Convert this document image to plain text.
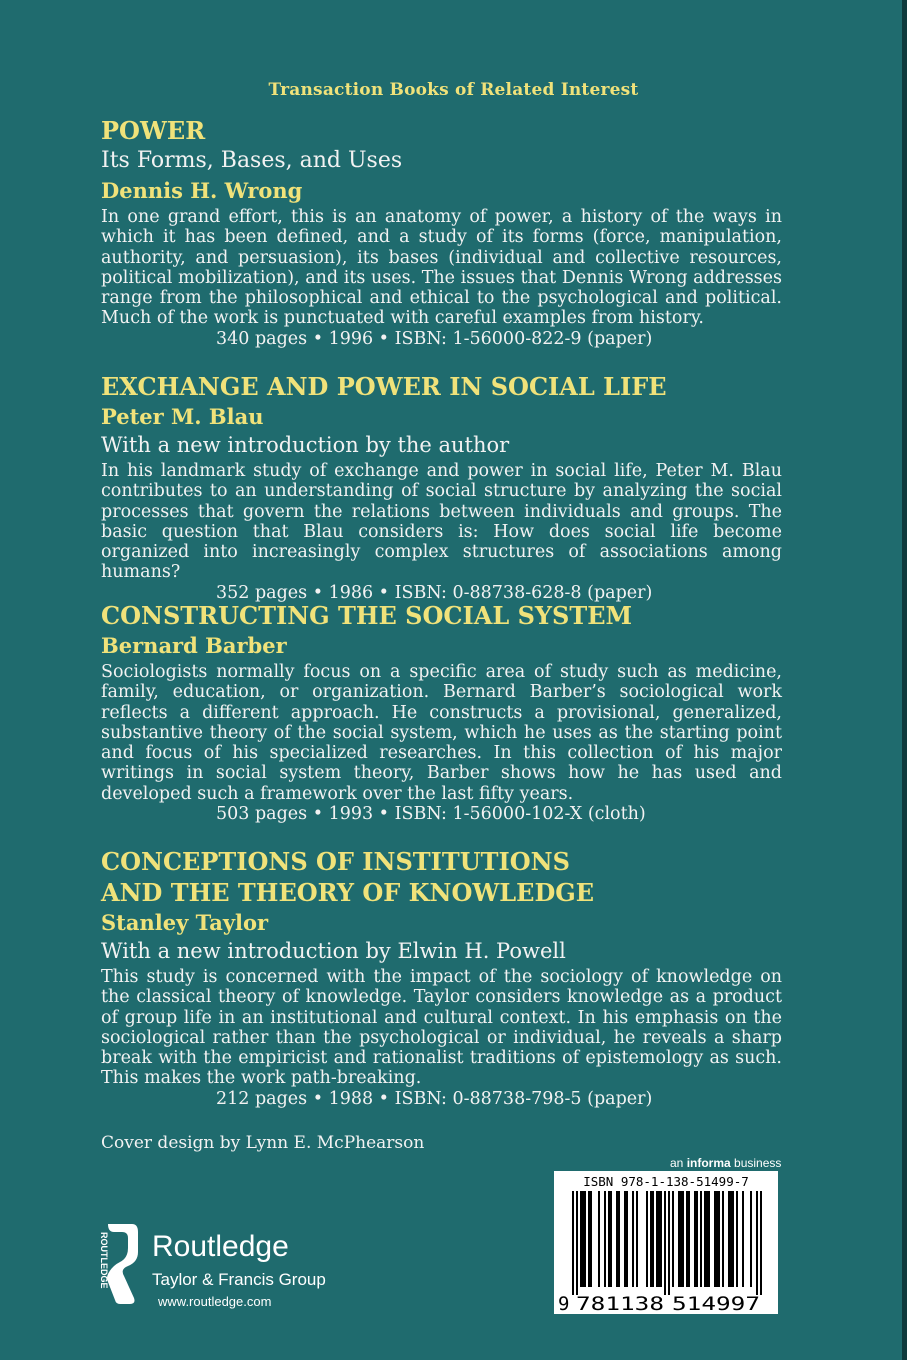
Transaction Books of Related Interest
POWER
Its Forms, Bases, and Uses
Dennis H. Wrong
In one grand effort, this is an anatomy of power, a history of the ways in which it has been defined, and a study of its forms (force, manipulation, authority, and persuasion), its bases (individual and collective resources, political mobilization), and its uses. The issues that Dennis Wrong addresses range from the philosophical and ethical to the psychological and political. Much of the work is punctuated with careful examples from history.
340 pages • 1996 • ISBN: 1-56000-822-9 (paper)
EXCHANGE AND POWER IN SOCIAL LIFE
Peter M. Blau
With a new introduction by the author
In his landmark study of exchange and power in social life, Peter M. Blau contributes to an understanding of social structure by analyzing the social processes that govern the relations between individuals and groups. The basic question that Blau considers is: How does social life become organized into increasingly complex structures of associations among humans?
352 pages • 1986 • ISBN: 0-88738-628-8 (paper)
CONSTRUCTING THE SOCIAL SYSTEM
Bernard Barber
Sociologists normally focus on a specific area of study such as medicine, family, education, or organization. Bernard Barber’s sociological work reflects a different approach. He constructs a provisional, generalized, substantive theory of the social system, which he uses as the starting point and focus of his specialized researches. In this collection of his major writings in social system theory, Barber shows how he has used and developed such a framework over the last fifty years.
503 pages • 1993 • ISBN: 1-56000-102-X (cloth)
CONCEPTIONS OF INSTITUTIONS
AND THE THEORY OF KNOWLEDGE
Stanley Taylor
With a new introduction by Elwin H. Powell
This study is concerned with the impact of the sociology of knowledge on the classical theory of knowledge. Taylor considers knowledge as a product of group life in an institutional and cultural context. In his emphasis on the sociological rather than the psychological or individual, he reveals a sharp break with the empiricist and rationalist traditions of epistemology as such. This makes the work path-breaking.
212 pages • 1988 • ISBN: 0-88738-798-5 (paper)
Cover design by Lynn E. McPhearson
an informa business
ROUTLEDGE Routledge
Taylor & Francis Group
www.routledge.com
ISBN 978-1-138-51499-7
9 781138 514997
